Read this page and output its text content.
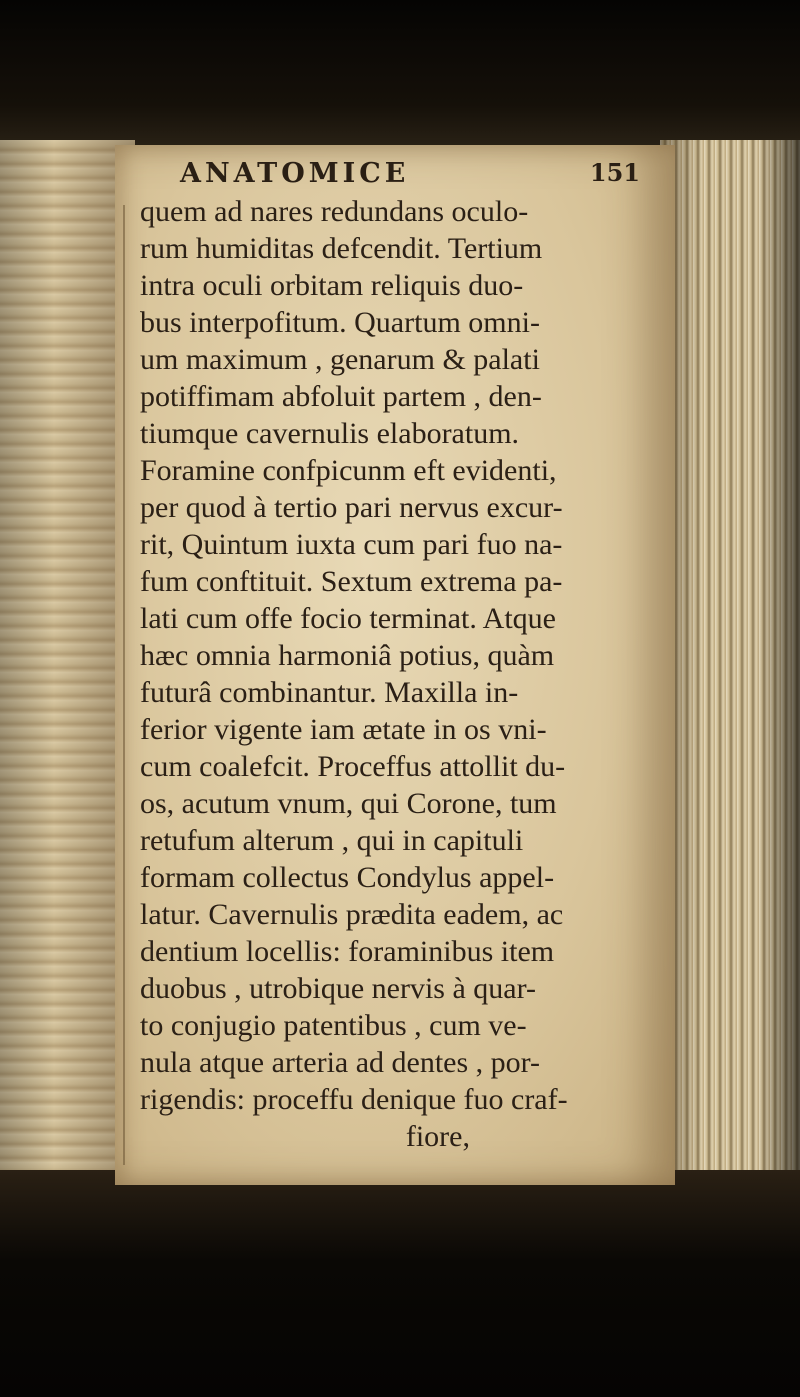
ANATOMICE	151
quem ad nares redundans oculo-
rum humiditas defcendit. Tertium
intra oculi orbitam reliquis duo-
bus interpofitum. Quartum omni-
um maximum , genarum & palati
potiffimam abfoluit partem , den-
tiumque cavernulis elaboratum.
Foramine confpicunm eft evidenti,
per quod à tertio pari nervus excur-
rit, Quintum iuxta cum pari fuo na-
fum conftituit. Sextum extrema pa-
lati cum offe focio terminat. Atque
hæc omnia harmoniâ potius, quàm
futurâ combinantur. Maxilla in-
ferior vigente iam ætate in os vni-
cum coalefcit. Proceffus attollit du-
os, acutum vnum, qui Corone, tum
retufum alterum , qui in capituli
formam collectus Condylus appel-
latur. Cavernulis prædita eadem, ac
dentium locellis: foraminibus item
duobus , utrobique nervis à quar-
to conjugio patentibus , cum ve-
nula atque arteria ad dentes , por-
rigendis: proceffu denique fuo craf-
fiore,
